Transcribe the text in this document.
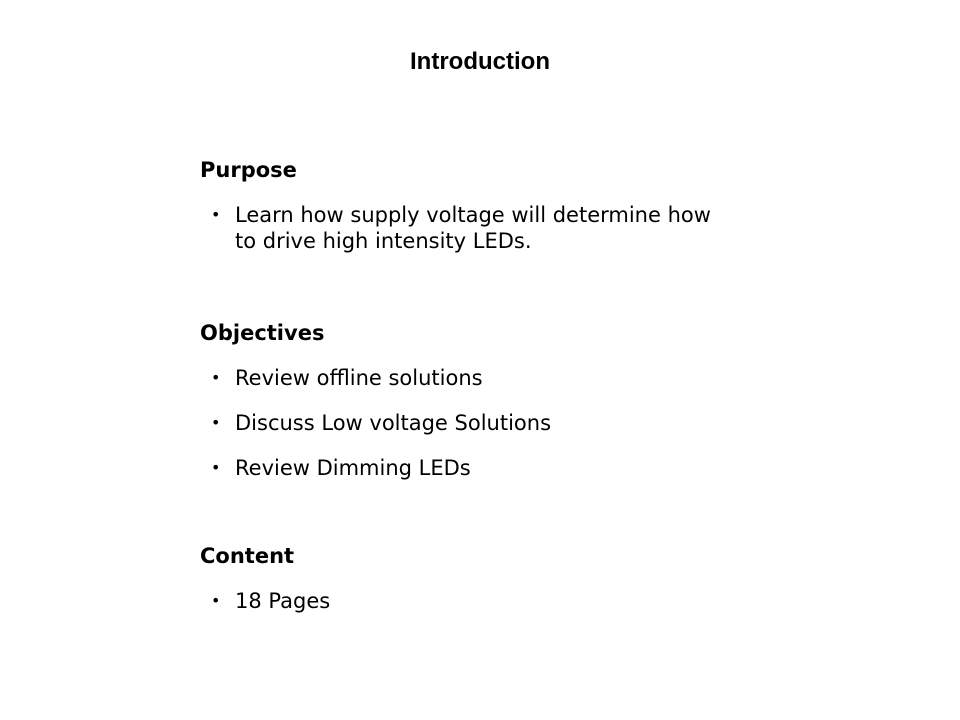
Introduction
Purpose
• Learn how supply voltage will determine how to drive high intensity LEDs.
Objectives
• Review offline solutions
• Discuss Low voltage Solutions
• Review Dimming LEDs
Content
• 18 Pages
